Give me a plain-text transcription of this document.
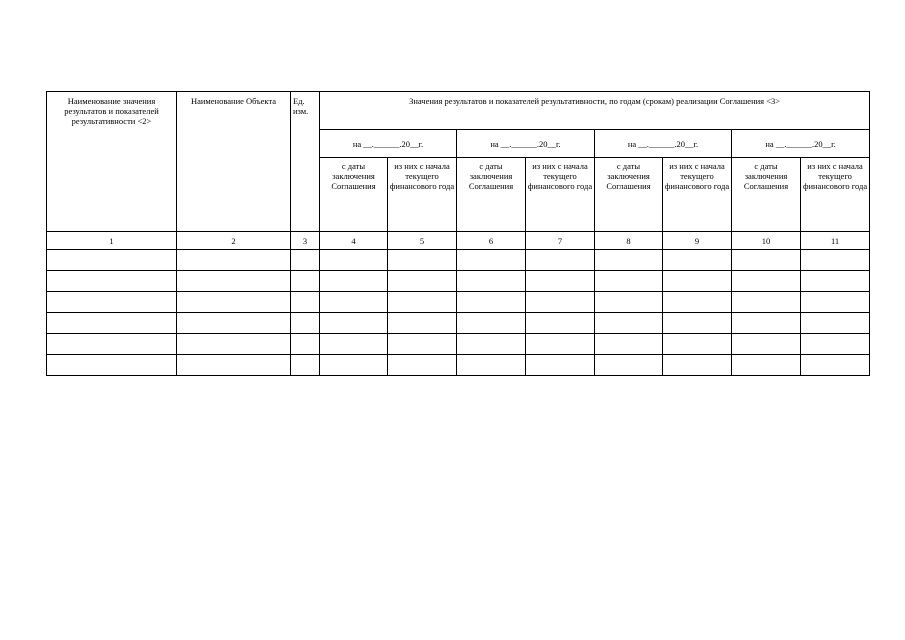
Наименование значения результатов и показателей результативности <2>	Наименование Объекта	Ед. изм.	Значения результатов и показателей результативности, по годам (срокам) реализации Соглашения <3>							
			на __.______.20__г.		на __.______.20__г.		на __.______.20__г.		на __.______.20__г.	
			с даты заключения Соглашения	из них с начала текущего финансового года	с даты заключения Соглашения	из них с начала текущего финансового года	с даты заключения Соглашения	из них с начала текущего финансового года	с даты заключения Соглашения	из них с начала текущего финансового года
1	2	3	4	5	6	7	8	9	10	11
